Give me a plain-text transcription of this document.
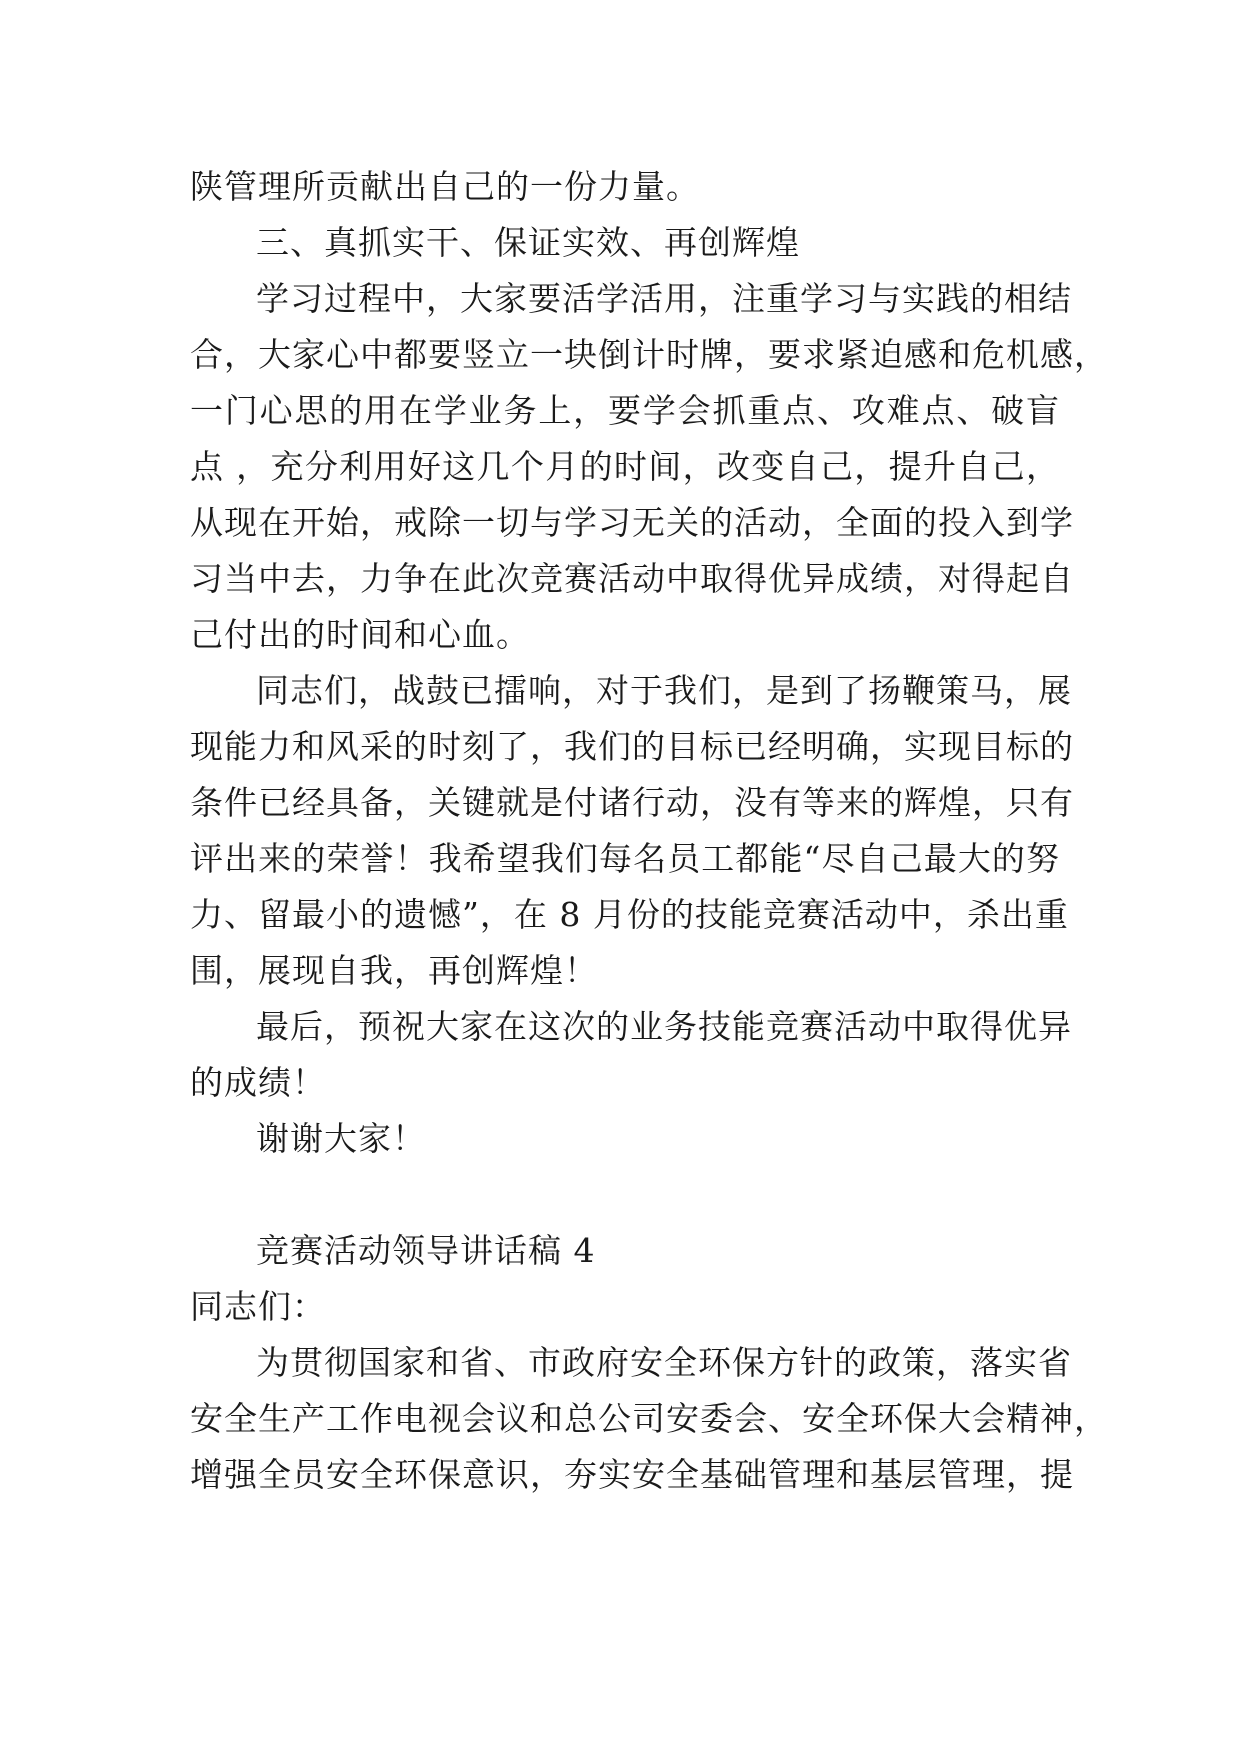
陕管理所贡献出自己的一份力量。
三、真抓实干、保证实效、再创辉煌
学习过程中，大家要活学活用，注重学习与实践的相结
合，大家心中都要竖立一块倒计时牌，要求紧迫感和危机感，
一门心思的用在学业务上，要学会抓重点、攻难点、破盲
点 ，充分利用好这几个月的时间，改变自己，提升自己，
从现在开始，戒除一切与学习无关的活动，全面的投入到学
习当中去，力争在此次竞赛活动中取得优异成绩，对得起自
己付出的时间和心血。
同志们，战鼓已擂响，对于我们，是到了扬鞭策马，展
现能力和风采的时刻了，我们的目标已经明确，实现目标的
条件已经具备，关键就是付诸行动，没有等来的辉煌，只有
评出来的荣誉！我希望我们每名员工都能“尽自己最大的努
力、留最小的遗憾”，在 8 月份的技能竞赛活动中，杀出重
围，展现自我，再创辉煌！
最后，预祝大家在这次的业务技能竞赛活动中取得优异
的成绩！
谢谢大家！
竞赛活动领导讲话稿 4
同志们：
为贯彻国家和省、市政府安全环保方针的政策，落实省
安全生产工作电视会议和总公司安委会、安全环保大会精神，
增强全员安全环保意识，夯实安全基础管理和基层管理，提
